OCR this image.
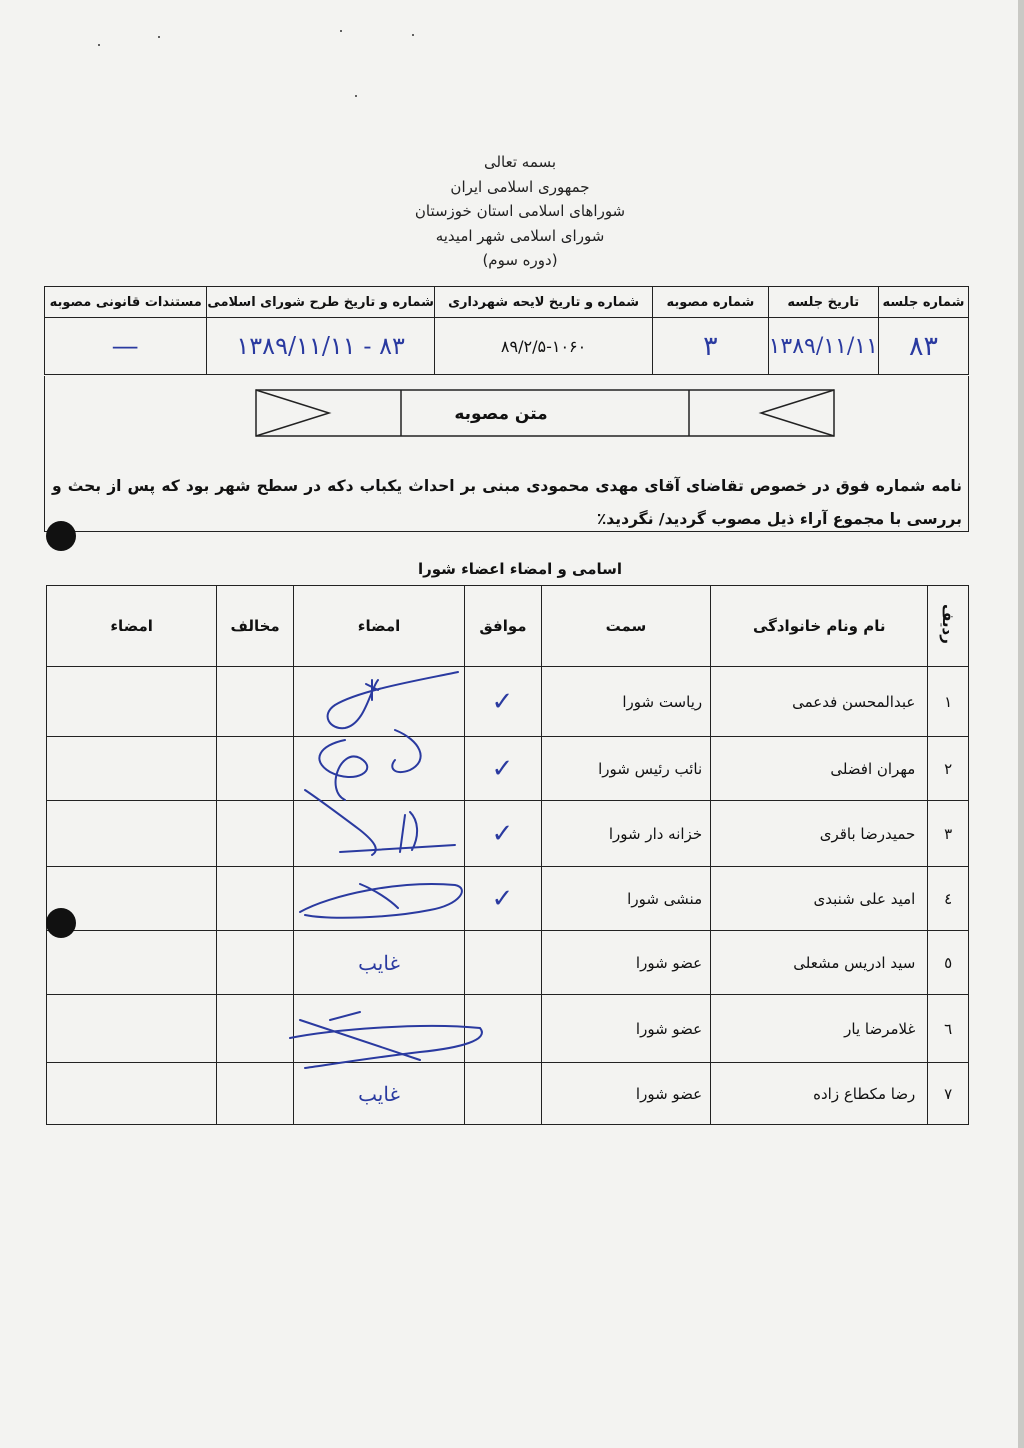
بسمه تعالی
جمهوری اسلامی ایران
شوراهای اسلامی استان خوزستان
شورای اسلامی شهر امیدیه
(دوره سوم)
شماره جلسه	تاریخ جلسه	شماره مصوبه	شماره و تاریخ لایحه شهرداری	شماره و تاریخ طرح شورای اسلامی	مستندات قانونی مصوبه
۸۳	۱۳۸۹/۱۱/۱۱	۳	۸۹/۲/۵-۱۰۶۰	۸۳ - ۱۳۸۹/۱۱/۱۱	—
متن مصوبه
نامه شماره فوق در خصوص تقاضای آقای مهدی محمودی مبنی بر احداث یکباب دکه در سطح شهر بود که پس از بحث و بررسی با مجموع آراء ذیل مصوب گردید/ نگردید٪
اسامی و امضاء اعضاء شورا
ردیف	نام ونام خانوادگی	سمت	موافق	امضاء	مخالف	امضاء
۱	عبدالمحسن فدعمی	ریاست شورا	✓			
۲	مهران افضلی	نائب رئیس شورا	✓			
۳	حمیدرضا باقری	خزانه دار شورا	✓			
٤	امید علی شنبدی	منشی شورا	✓			
٥	سید ادریس مشعلی	عضو شورا		غایب		
٦	غلامرضا یار	عضو شورا				
۷	رضا مکطاع زاده	عضو شورا		غایب		
